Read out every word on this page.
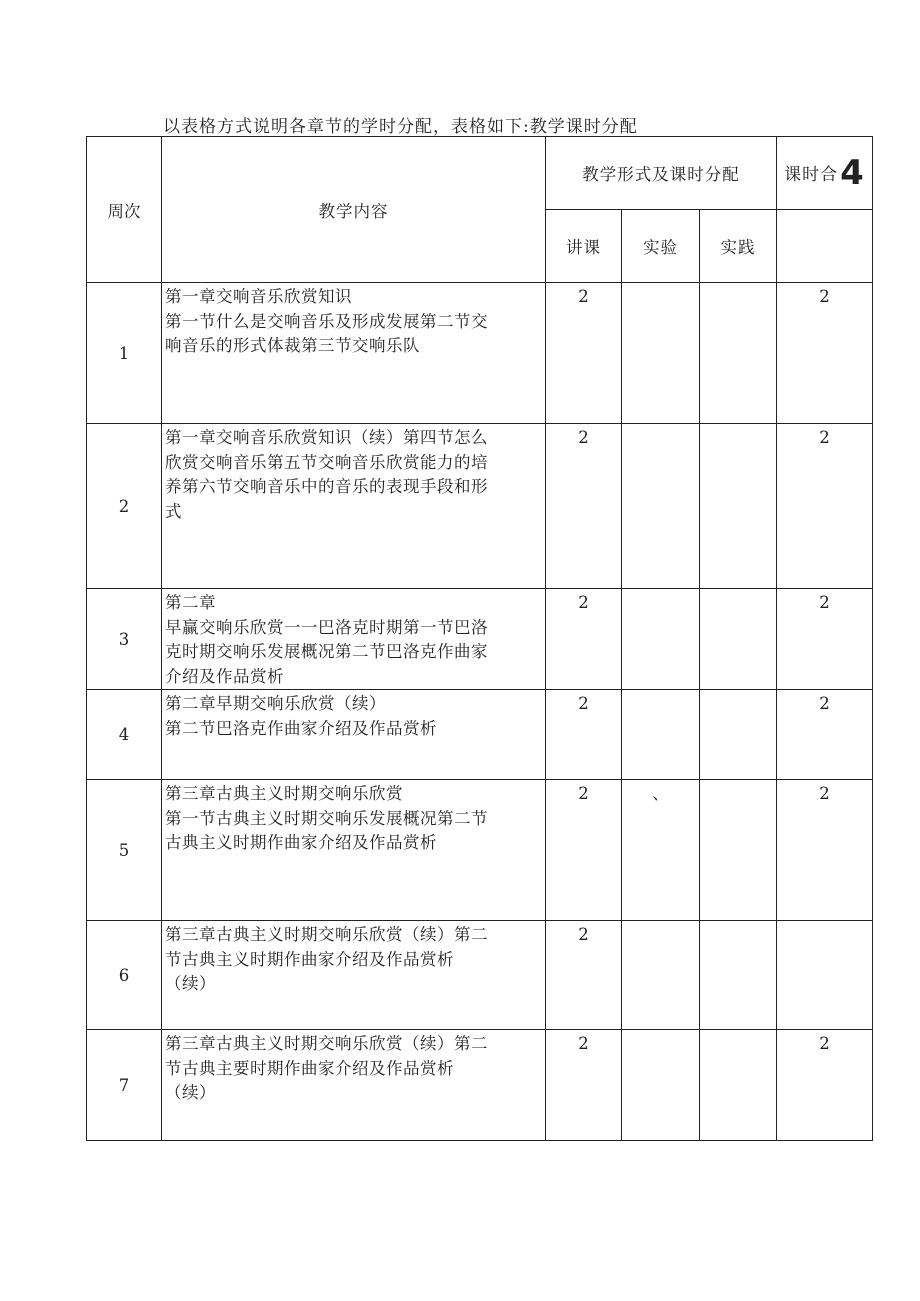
以表格方式说明各章节的学时分配，表格如下:教学课时分配
周次	教学内容	教学形式及课时分配			课时合4
		讲课	实验	实践	
1	第一章交响音乐欣赏知识
第一节什么是交响音乐及形成发展第二节交
响音乐的形式体裁第三节交响乐队	2			2
2	第一章交响音乐欣赏知识（续）第四节怎么
欣赏交响音乐第五节交响音乐欣赏能力的培
养第六节交响音乐中的音乐的表现手段和形
式	2			2
3	第二章
早赢交响乐欣赏一一巴洛克时期第一节巴洛
克时期交响乐发展概况第二节巴洛克作曲家
介绍及作品赏析	2			2
4	第二章早期交响乐欣赏（续）
第二节巴洛克作曲家介绍及作品赏析	2			2
5	第三章古典主义时期交响乐欣赏
第一节古典主义时期交响乐发展概况第二节
古典主义时期作曲家介绍及作品赏析	2	、		2
6	第三章古典主义时期交响乐欣赏（续）第二
节古典主义时期作曲家介绍及作品赏析
（续）	2			
7	第三章古典主义时期交响乐欣赏（续）第二
节古典主要时期作曲家介绍及作品赏析
（续）	2			2
